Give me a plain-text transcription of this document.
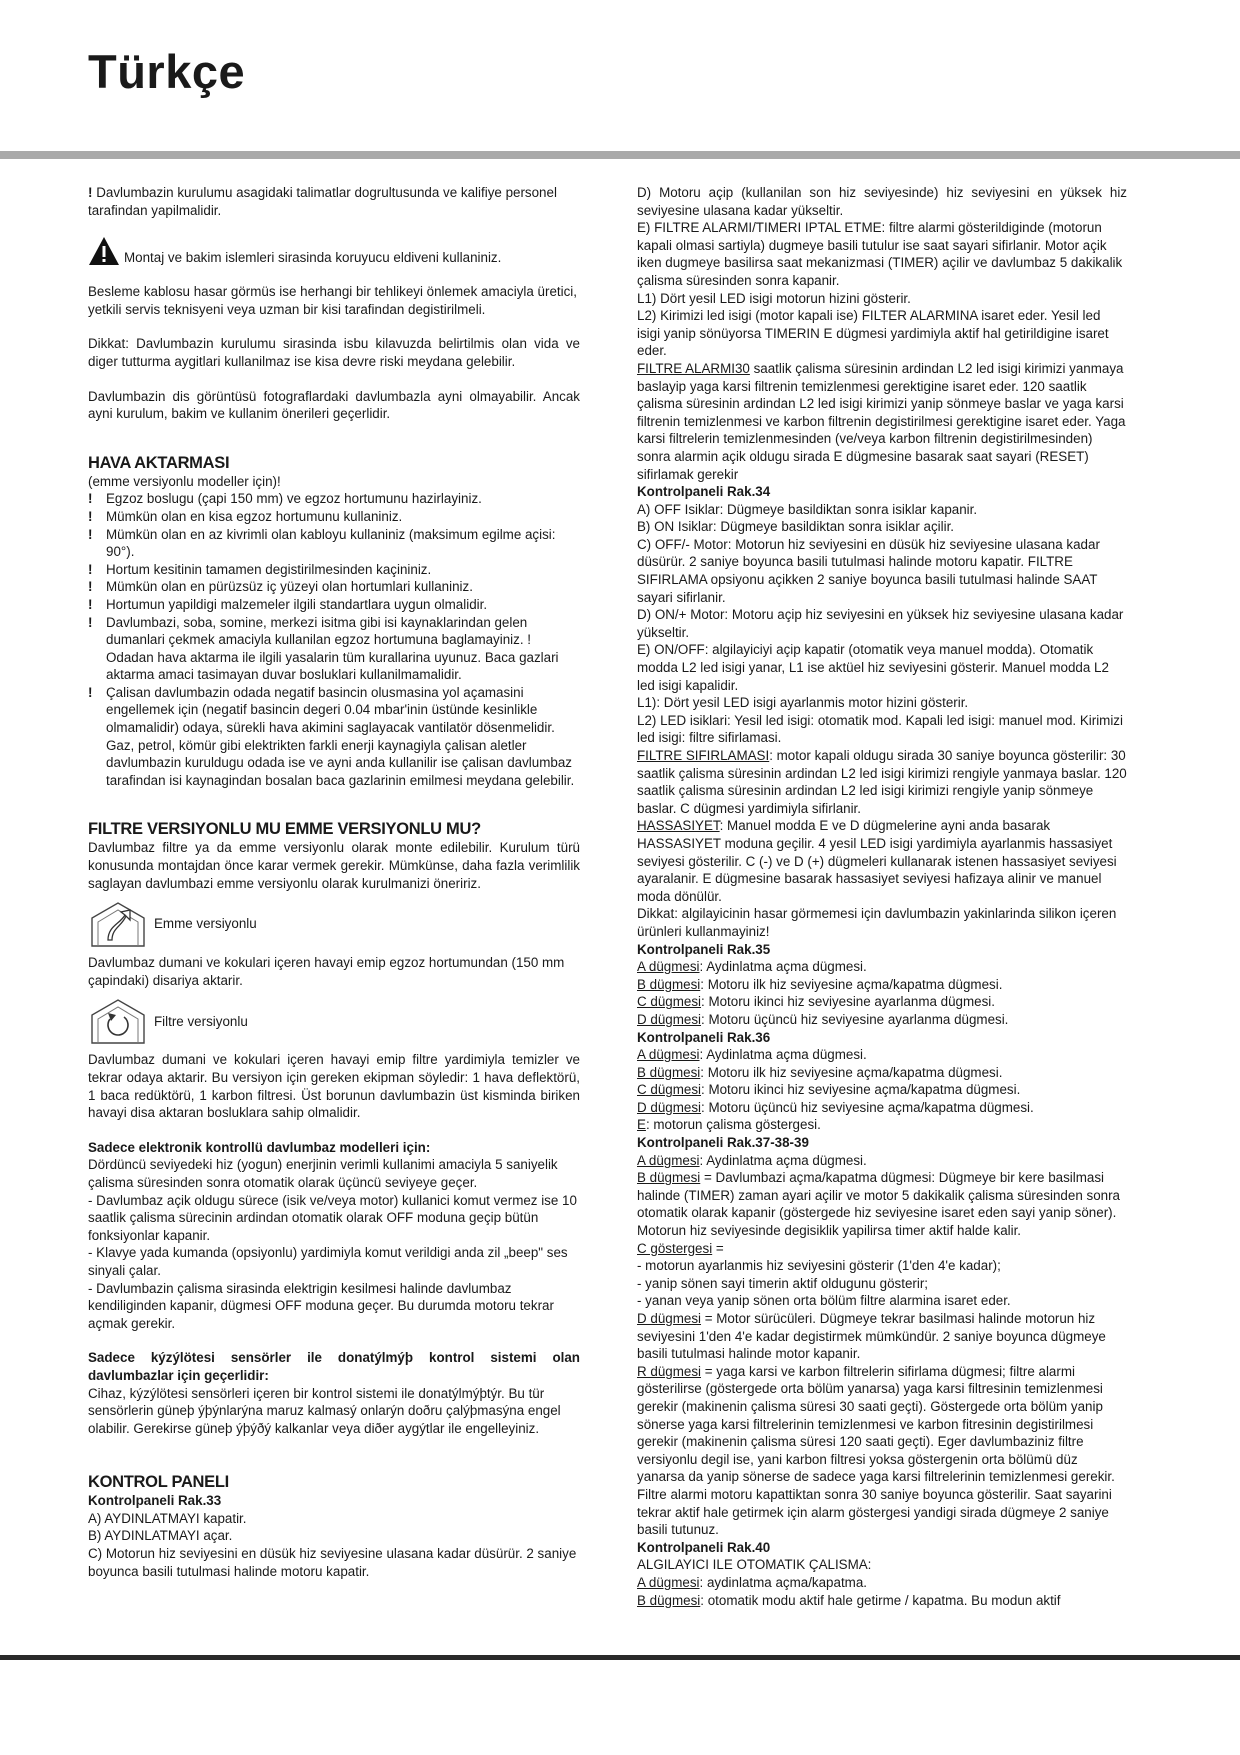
Türkçe

! Davlumbazin kurulumu asagidaki talimatlar dogrultusunda ve kalifiye personel tarafindan yapilmalidir.

Montaj ve bakim islemleri sirasinda koruyucu eldiveni kullaniniz.

Besleme kablosu hasar görmüs ise herhangi bir tehlikeyi önlemek amaciyla üretici, yetkili servis teknisyeni veya uzman bir kisi tarafindan degistirilmeli.

Dikkat: Davlumbazin kurulumu sirasinda isbu kilavuzda belirtilmis olan vida ve diger tutturma aygitlari kullanilmaz ise kisa devre riski meydana gelebilir.

Davlumbazin dis görüntüsü fotograflardaki davlumbazla ayni olmayabilir. Ancak ayni kurulum, bakim ve kullanim önerileri geçerlidir.

HAVA AKTARMASI

(emme versiyonlu modeller için)!

!	Egzoz boslugu (çapi 150 mm) ve egzoz hortumunu hazirlayiniz.
!	Mümkün olan en kisa egzoz hortumunu kullaniniz.
!	Mümkün olan en az kivrimli olan kabloyu kullaniniz (maksimum egilme açisi: 90°).
!	Hortum kesitinin tamamen degistirilmesinden kaçininiz.
!	Mümkün olan en pürüzsüz iç yüzeyi olan hortumlari kullaniniz.
!	Hortumun yapildigi malzemeler ilgili standartlara uygun olmalidir.
!	Davlumbazi, soba, somine, merkezi isitma gibi isi kaynaklarindan gelen dumanlari çekmek amaciyla kullanilan egzoz hortumuna baglamayiniz. ! Odadan hava aktarma ile ilgili yasalarin tüm kurallarina uyunuz. Baca gazlari aktarma amaci tasimayan duvar bosluklari kullanilmamalidir.
!	Çalisan davlumbazin odada negatif basincin olusmasina yol açamasini engellemek için (negatif basincin degeri 0.04 mbar'inin üstünde kesinlikle olmamalidir) odaya, sürekli hava akimini saglayacak vantilatör dösenmelidir. Gaz, petrol, kömür gibi elektrikten farkli enerji kaynagiyla çalisan aletler davlumbazin kuruldugu odada ise ve ayni anda kullanilir ise çalisan davlumbaz tarafindan isi kaynagindan bosalan baca gazlarinin emilmesi meydana gelebilir.
FILTRE VERSIYONLU MU EMME VERSIYONLU MU?

Davlumbaz filtre ya da emme versiyonlu olarak monte edilebilir. Kurulum türü konusunda montajdan önce karar vermek gerekir. Mümkünse, daha fazla verimlilik saglayan davlumbazi emme versiyonlu olarak kurulmanizi öneririz.

Emme versiyonlu

Davlumbaz dumani ve kokulari içeren havayi emip egzoz hortumundan (150 mm çapindaki) disariya aktarir.

Filtre versiyonlu

Davlumbaz dumani ve kokulari içeren havayi emip filtre yardimiyla temizler ve tekrar odaya aktarir. Bu versiyon için gereken ekipman söyledir: 1 hava deflektörü, 1 baca redüktörü, 1 karbon filtresi. Üst borunun davlumbazin üst kisminda biriken havayi disa aktaran bosluklara sahip olmalidir.

Sadece elektronik kontrollü davlumbaz modelleri için:

Dördüncü seviyedeki hiz (yogun) enerjinin verimli kullanimi amaciyla 5 saniyelik çalisma süresinden sonra otomatik olarak üçüncü seviyeye geçer.

- Davlumbaz açik oldugu sürece (isik ve/veya motor) kullanici komut vermez ise 10 saatlik çalisma sürecinin ardindan otomatik olarak OFF moduna geçip bütün fonksiyonlar kapanir.

- Klavye yada kumanda (opsiyonlu) yardimiyla komut verildigi anda zil „beep" ses sinyali çalar.

- Davlumbazin çalisma sirasinda elektrigin kesilmesi halinde davlumbaz kendiliginden kapanir, dügmesi OFF moduna geçer. Bu durumda motoru tekrar açmak gerekir.

Sadece kýzýlötesi sensörler ile donatýlmýþ kontrol sistemi olan davlumbazlar için geçerlidir:

Cihaz, kýzýlötesi sensörleri içeren bir kontrol sistemi ile donatýlmýþtýr. Bu tür sensörlerin güneþ ýþýnlarýna maruz kalmasý onlarýn doðru çalýþmasýna engel olabilir. Gerekirse güneþ ýþýðý kalkanlar veya diðer aygýtlar ile engelleyiniz.

KONTROL PANELI

Kontrolpaneli Rak.33

A) AYDINLATMAYI kapatir.

B) AYDINLATMAYI açar.

C) Motorun hiz seviyesini en düsük hiz seviyesine ulasana kadar düsürür. 2 saniye boyunca basili tutulmasi halinde motoru kapatir.

D) Motoru açip (kullanilan son hiz seviyesinde) hiz seviyesini en yüksek hiz seviyesine ulasana kadar yükseltir.

E) FILTRE ALARMI/TIMERI IPTAL ETME: filtre alarmi gösterildiginde (motorun kapali olmasi sartiyla) dugmeye basili tutulur ise saat sayari sifirlanir. Motor açik iken dugmeye basilirsa saat mekanizmasi (TIMER) açilir ve davlumbaz 5 dakikalik çalisma süresinden sonra kapanir.

L1) Dört yesil LED isigi motorun hizini gösterir.

L2) Kirimizi led isigi (motor kapali ise) FILTER ALARMINA isaret eder. Yesil led isigi yanip sönüyorsa TIMERIN E dügmesi yardimiyla aktif hal getirildigine isaret eder.

FILTRE ALARMI30 saatlik çalisma süresinin ardindan L2 led isigi kirimizi yanmaya baslayip yaga karsi filtrenin temizlenmesi gerektigine isaret eder. 120 saatlik çalisma süresinin ardindan L2 led isigi kirimizi yanip sönmeye baslar ve yaga karsi filtrenin temizlenmesi ve karbon filtrenin degistirilmesi gerektigine isaret eder. Yaga karsi filtrelerin temizlenmesinden (ve/veya karbon filtrenin degistirilmesinden) sonra alarmin açik oldugu sirada E dügmesine basarak saat sayari (RESET) sifirlamak gerekir

Kontrolpaneli Rak.34

A) OFF Isiklar: Dügmeye basildiktan sonra isiklar kapanir.

B) ON Isiklar: Dügmeye basildiktan sonra isiklar açilir.

C) OFF/- Motor: Motorun hiz seviyesini en düsük hiz seviyesine ulasana kadar düsürür. 2 saniye boyunca basili tutulmasi halinde motoru kapatir. FILTRE SIFIRLAMA opsiyonu açikken 2 saniye boyunca basili tutulmasi halinde SAAT sayari sifirlanir.

D) ON/+ Motor: Motoru açip hiz seviyesini en yüksek hiz seviyesine ulasana kadar yükseltir.

E) ON/OFF: algilayiciyi açip kapatir (otomatik veya manuel modda). Otomatik modda L2 led isigi yanar, L1 ise aktüel hiz seviyesini gösterir. Manuel modda L2 led isigi kapalidir.

L1): Dört yesil LED isigi ayarlanmis motor hizini gösterir.

L2) LED isiklari: Yesil led isigi: otomatik mod. Kapali led isigi: manuel mod. Kirimizi led isigi: filtre sifirlamasi.

FILTRE SIFIRLAMASI: motor kapali oldugu sirada 30 saniye boyunca gösterilir: 30 saatlik çalisma süresinin ardindan L2 led isigi kirimizi rengiyle yanmaya baslar. 120 saatlik çalisma süresinin ardindan L2 led isigi kirimizi rengiyle yanip sönmeye baslar. C dügmesi yardimiyla sifirlanir.

HASSASIYET: Manuel modda E ve D dügmelerine ayni anda basarak HASSASIYET moduna geçilir. 4 yesil LED isigi yardimiyla ayarlanmis hassasiyet seviyesi gösterilir. C (-) ve D (+) dügmeleri kullanarak istenen hassasiyet seviyesi ayaralanir. E dügmesine basarak hassasiyet seviyesi hafizaya alinir ve manuel moda dönülür.

Dikkat: algilayicinin hasar görmemesi için davlumbazin yakinlarinda silikon içeren ürünleri kullanmayiniz!

Kontrolpaneli Rak.35

A dügmesi: Aydinlatma açma dügmesi.

B dügmesi: Motoru ilk hiz seviyesine açma/kapatma dügmesi.

C dügmesi: Motoru ikinci hiz seviyesine ayarlanma dügmesi.

D dügmesi: Motoru üçüncü hiz seviyesine ayarlanma dügmesi.

Kontrolpaneli Rak.36

A dügmesi: Aydinlatma açma dügmesi.

B dügmesi: Motoru ilk hiz seviyesine açma/kapatma dügmesi.

C dügmesi: Motoru ikinci hiz seviyesine açma/kapatma dügmesi.

D dügmesi: Motoru üçüncü hiz seviyesine açma/kapatma dügmesi.

E: motorun çalisma göstergesi.

Kontrolpaneli Rak.37-38-39

A dügmesi: Aydinlatma açma dügmesi.

B dügmesi = Davlumbazi açma/kapatma dügmesi: Dügmeye bir kere basilmasi halinde (TIMER) zaman ayari açilir ve motor 5 dakikalik çalisma süresinden sonra otomatik olarak kapanir (göstergede hiz seviyesine isaret eden sayi yanip söner). Motorun hiz seviyesinde degisiklik yapilirsa timer aktif halde kalir.

C göstergesi =

- motorun ayarlanmis hiz seviyesini gösterir (1'den 4'e kadar);

- yanip sönen sayi timerin aktif oldugunu gösterir;

- yanan veya yanip sönen orta bölüm filtre alarmina isaret eder.

D dügmesi = Motor sürücüleri. Dügmeye tekrar basilmasi halinde motorun hiz seviyesini 1'den 4'e kadar degistirmek mümkündür. 2 saniye boyunca dügmeye basili tutulmasi halinde motor kapanir.

R dügmesi = yaga karsi ve karbon filtrelerin sifirlama dügmesi; filtre alarmi gösterilirse (göstergede orta bölüm yanarsa) yaga karsi filtresinin temizlenmesi gerekir (makinenin çalisma süresi 30 saati geçti). Göstergede orta bölüm yanip sönerse yaga karsi filtrelerinin temizlenmesi ve karbon fitresinin degistirilmesi gerekir (makinenin çalisma süresi 120 saati geçti). Eger davlumbaziniz filtre versiyonlu degil ise, yani karbon filtresi yoksa göstergenin orta bölümü düz yanarsa da yanip sönerse de sadece yaga karsi filtrelerinin temizlenmesi gerekir. Filtre alarmi motoru kapattiktan sonra 30 saniye boyunca gösterilir. Saat sayarini tekrar aktif hale getirmek için alarm göstergesi yandigi sirada dügmeye 2 saniye basili tutunuz.

Kontrolpaneli Rak.40

ALGILAYICI ILE OTOMATIK ÇALISMA:

A dügmesi: aydinlatma açma/kapatma.

B dügmesi: otomatik modu aktif hale getirme / kapatma. Bu modun aktif
